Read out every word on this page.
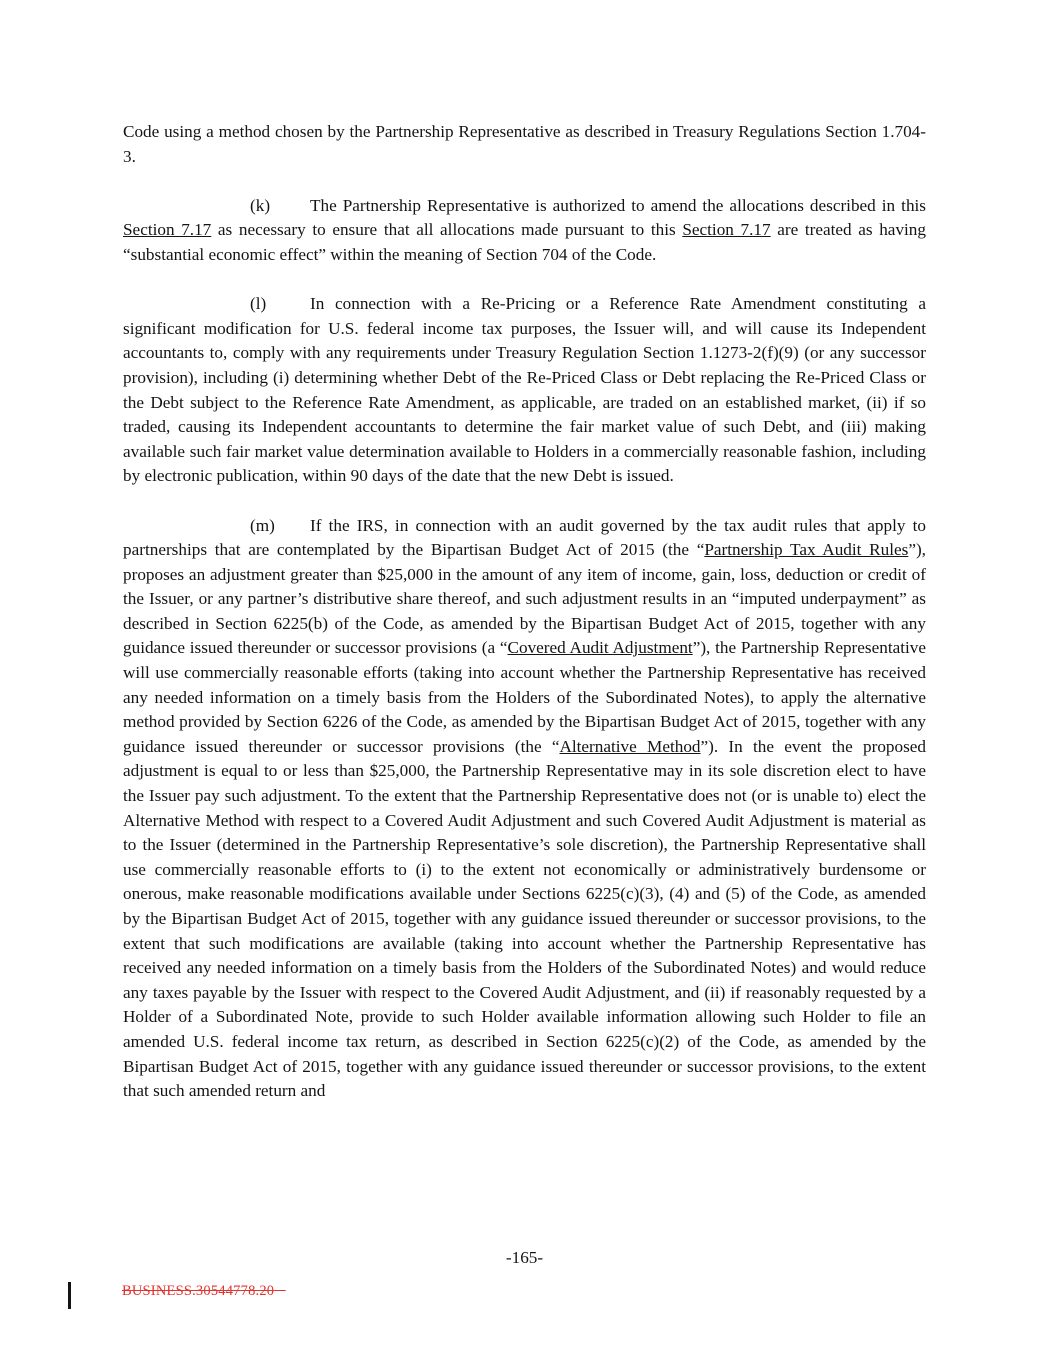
Code using a method chosen by the Partnership Representative as described in Treasury Regulations Section 1.704-3.

(k) The Partnership Representative is authorized to amend the allocations described in this Section 7.17 as necessary to ensure that all allocations made pursuant to this Section 7.17 are treated as having “substantial economic effect” within the meaning of Section 704 of the Code.

(l)	In connection with a Re-Pricing or a Reference Rate Amendment constituting a significant modification for U.S. federal income tax purposes, the Issuer will, and will cause its Independent accountants to, comply with any requirements under Treasury Regulation Section 1.1273-2(f)(9) (or any successor provision), including (i) determining whether Debt of the Re-Priced Class or Debt replacing the Re-Priced Class or the Debt subject to the Reference Rate Amendment, as applicable, are traded on an established market, (ii) if so traded, causing its Independent accountants to determine the fair market value of such Debt, and (iii) making available such fair market value determination available to Holders in a commercially reasonable fashion, including by electronic publication, within 90 days of the date that the new Debt is issued.

(m) If the IRS, in connection with an audit governed by the tax audit rules that apply to partnerships that are contemplated by the Bipartisan Budget Act of 2015 (the “Partnership Tax Audit Rules”), proposes an adjustment greater than $25,000 in the amount of any item of income, gain, loss, deduction or credit of the Issuer, or any partner’s distributive share thereof, and such adjustment results in an “imputed underpayment” as described in Section 6225(b) of the Code, as amended by the Bipartisan Budget Act of 2015, together with any guidance issued thereunder or successor provisions (a “Covered Audit Adjustment”), the Partnership Representative will use commercially reasonable efforts (taking into account whether the Partnership Representative has received any needed information on a timely basis from the Holders of the Subordinated Notes), to apply the alternative method provided by Section 6226 of the Code, as amended by the Bipartisan Budget Act of 2015, together with any guidance issued thereunder or successor provisions (the “Alternative Method”). In the event the proposed adjustment is equal to or less than $25,000, the Partnership Representative may in its sole discretion elect to have the Issuer pay such adjustment. To the extent that the Partnership Representative does not (or is unable to) elect the Alternative Method with respect to a Covered Audit Adjustment and such Covered Audit Adjustment is material as to the Issuer (determined in the Partnership Representative’s sole discretion), the Partnership Representative shall use commercially reasonable efforts to (i) to the extent not economically or administratively burdensome or onerous, make reasonable modifications available under Sections 6225(c)(3), (4) and (5) of the Code, as amended by the Bipartisan Budget Act of 2015, together with any guidance issued thereunder or successor provisions, to the extent that such modifications are available (taking into account whether the Partnership Representative has received any needed information on a timely basis from the Holders of the Subordinated Notes) and would reduce any taxes payable by the Issuer with respect to the Covered Audit Adjustment, and (ii) if reasonably requested by a Holder of a Subordinated Note, provide to such Holder available information allowing such Holder to file an amended U.S. federal income tax return, as described in Section 6225(c)(2) of the Code, as amended by the Bipartisan Budget Act of 2015, together with any guidance issued thereunder or successor provisions, to the extent that such amended return and

-165-
BUSINESS.30544778.20
